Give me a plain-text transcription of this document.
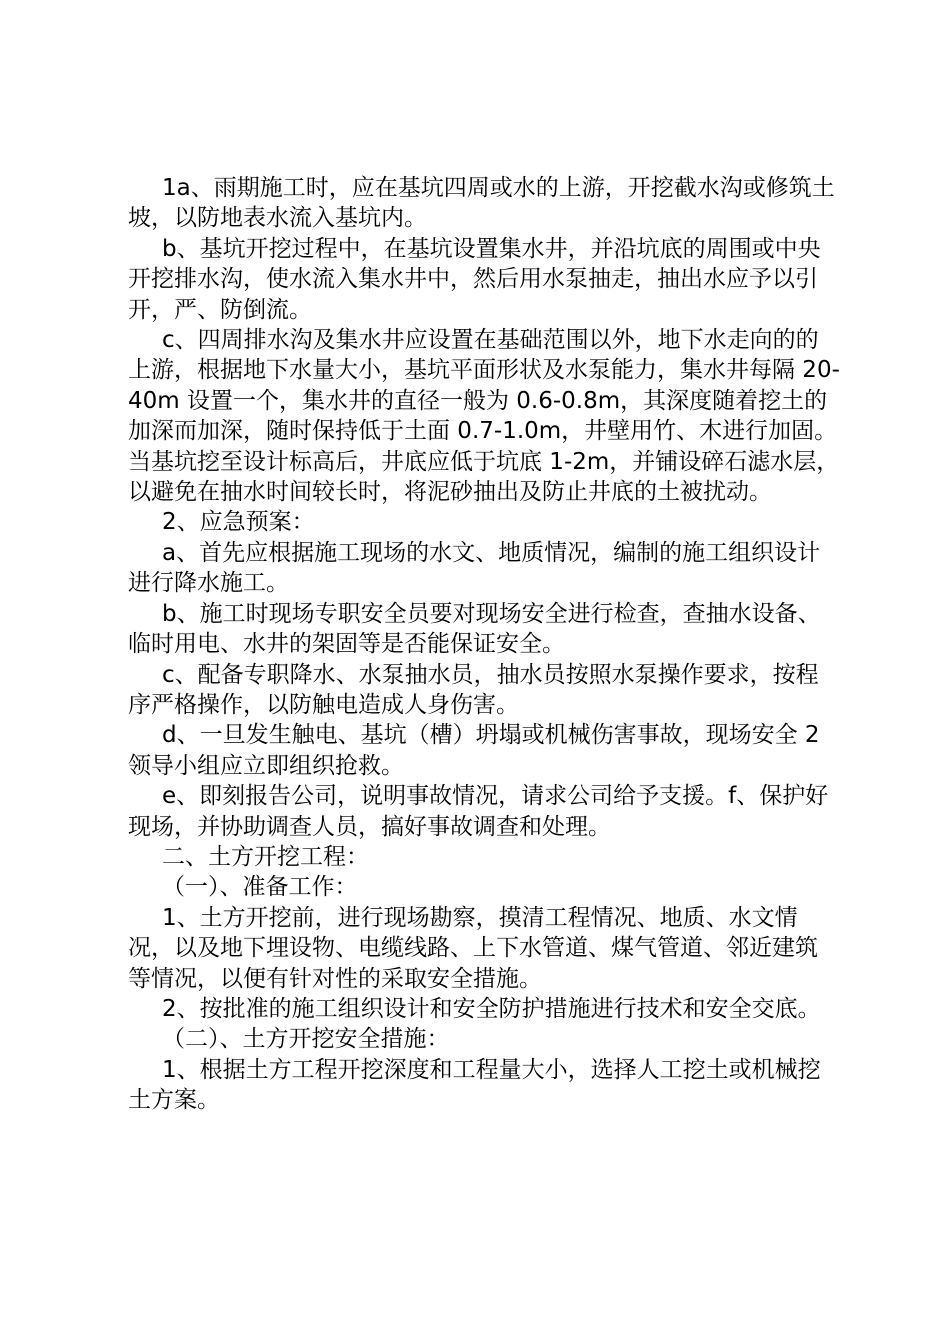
1a、雨期施工时，应在基坑四周或水的上游，开挖截水沟或修筑土坡，以防地表水流入基坑内。

b、基坑开挖过程中，在基坑设置集水井，并沿坑底的周围或中央开挖排水沟，使水流入集水井中，然后用水泵抽走，抽出水应予以引开，严、防倒流。

c、四周排水沟及集水井应设置在基础范围以外，地下水走向的的上游，根据地下水量大小，基坑平面形状及水泵能力，集水井每隔 20-40m 设置一个，集水井的直径一般为 0.6-0.8m，其深度随着挖土的加深而加深，随时保持低于土面 0.7-1.0m，井壁用竹、木进行加固。当基坑挖至设计标高后，井底应低于坑底 1-2m，并铺设碎石滤水层，以避免在抽水时间较长时，将泥砂抽出及防止井底的土被扰动。

2、应急预案：

a、首先应根据施工现场的水文、地质情况，编制的施工组织设计进行降水施工。

b、施工时现场专职安全员要对现场安全进行检查，查抽水设备、临时用电、水井的架固等是否能保证安全。

c、配备专职降水、水泵抽水员，抽水员按照水泵操作要求，按程序严格操作，以防触电造成人身伤害。

d、一旦发生触电、基坑（槽）坍塌或机械伤害事故，现场安全 2 领导小组应立即组织抢救。

e、即刻报告公司，说明事故情况，请求公司给予支援。f、保护好现场，并协助调查人员，搞好事故调查和处理。

二、土方开挖工程：

（一）、准备工作：

1、土方开挖前，进行现场勘察，摸清工程情况、地质、水文情况，以及地下埋设物、电缆线路、上下水管道、煤气管道、邻近建筑等情况，以便有针对性的采取安全措施。

2、按批准的施工组织设计和安全防护措施进行技术和安全交底。

（二）、土方开挖安全措施：

1、根据土方工程开挖深度和工程量大小，选择人工挖土或机械挖土方案。
